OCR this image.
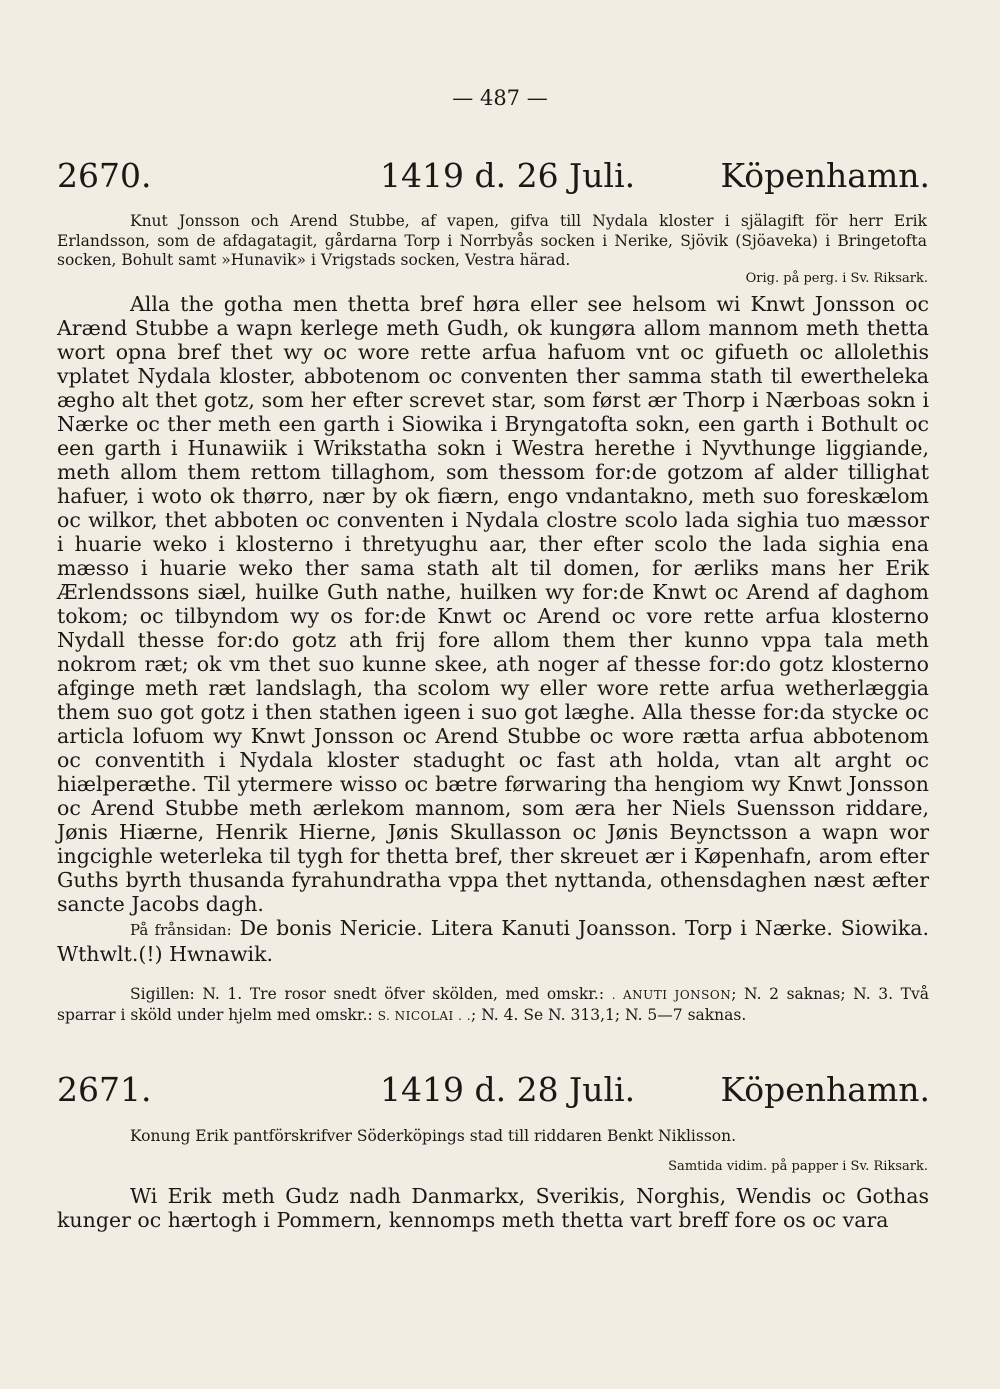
— 487 —
2670.	1419 d. 26 Juli.	Köpenhamn.

Knut Jonsson och Arend Stubbe, af vapen, gifva till Nydala kloster i själagift för herr Erik Erlandsson, som de afdagatagit, gårdarna Torp i Norrbyås socken i Nerike, Sjövik (Sjöaveka) i Bringetofta socken, Bohult samt »Hunavik» i Vrigstads socken, Vestra härad.

Orig. på perg. i Sv. Riksark.

Alla the gotha men thetta bref høra eller see helsom wi Knwt Jonsson oc Arænd Stubbe a wapn kerlege meth Gudh, ok kungøra allom mannom meth thetta wort opna bref thet wy oc wore rette arfua hafuom vnt oc gifueth oc allolethis vplatet Nydala kloster, abbotenom oc conventen ther samma stath til ewertheleka ægho alt thet gotz, som her efter screvet star, som først ær Thorp i Nærboas sokn i Nærke oc ther meth een garth i Siowika i Bryngatofta sokn, een garth i Bothult oc een garth i Hunawiik i Wrikstatha sokn i Westra herethe i Nyvthunge liggiande, meth allom them rettom tillaghom, som thessom for:de gotzom af alder tillighat hafuer, i woto ok thørro, nær by ok fiærn, engo vndantakno, meth suo foreskælom oc wilkor, thet abboten oc conventen i Nydala clostre scolo lada sighia tuo mæssor i huarie weko i klosterno i thretyughu aar, ther efter scolo the lada sighia ena mæsso i huarie weko ther sama stath alt til domen, for ærliks mans her Erik Ærlendssons siæl, huilke Guth nathe, huilken wy for:de Knwt oc Arend af daghom tokom; oc tilbyndom wy os for:de Knwt oc Arend oc vore rette arfua klosterno Nydall thesse for:do gotz ath frij fore allom them ther kunno vppa tala meth nokrom ræt; ok vm thet suo kunne skee, ath noger af thesse for:do gotz klosterno afginge meth ræt landslagh, tha scolom wy eller wore rette arfua wetherlæggia them suo got gotz i then stathen igeen i suo got læghe. Alla thesse for:da stycke oc articla lofuom wy Knwt Jonsson oc Arend Stubbe oc wore rætta arfua abbotenom oc conventith i Nydala kloster stadught oc fast ath holda, vtan alt arght oc hiælperæthe. Til ytermere wisso oc bætre førwaring tha hengiom wy Knwt Jonsson oc Arend Stubbe meth ærlekom mannom, som æra her Niels Suensson riddare, Jønis Hiærne, Henrik Hierne, Jønis Skullasson oc Jønis Beynctsson a wapn wor ingcighle weterleka til tygh for thetta bref, ther skreuet ær i Køpenhafn, arom efter Guths byrth thusanda fyrahundratha vppa thet nyttanda, othensdaghen næst æfter sancte Jacobs dagh.

På frånsidan: De bonis Nericie. Litera Kanuti Joansson. Torp i Nærke. Siowika. Wthwlt.(!) Hwnawik.

Sigillen: N. 1. Tre rosor snedt öfver skölden, med omskr.: . ANUTI JONSON; N. 2 saknas; N. 3. Två sparrar i sköld under hjelm med omskr.: S. NICOLAI . .; N. 4. Se N. 313,1; N. 5—7 saknas.

2671.	1419 d. 28 Juli.	Köpenhamn.
Konung Erik pantförskrifver Söderköpings stad till riddaren Benkt Niklisson.
Samtida vidim. på papper i Sv. Riksark.

Wi Erik meth Gudz nadh Danmarkx, Sverikis, Norghis, Wendis oc Gothas kunger oc hærtogh i Pommern, kennomps meth thetta vart breff fore os oc vara
